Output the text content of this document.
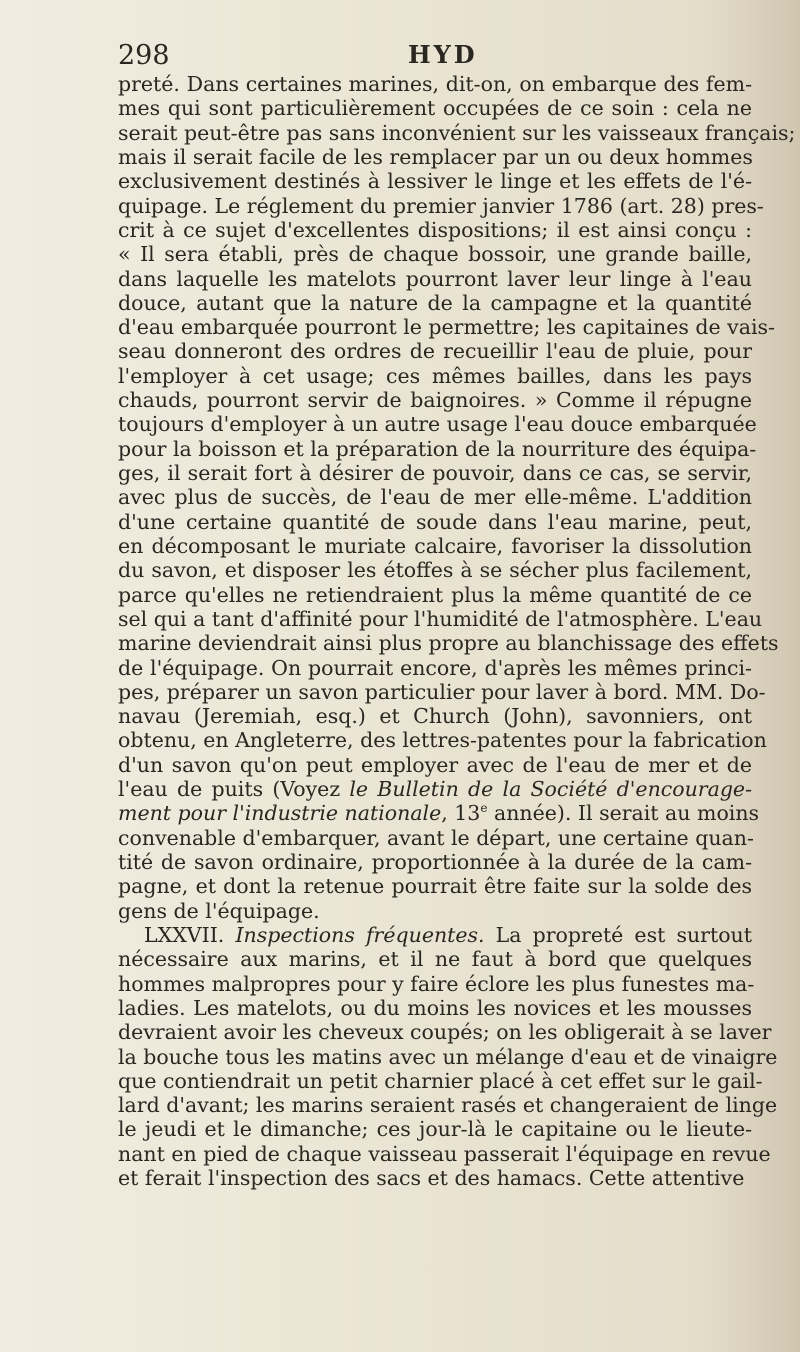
298	HYD
preté. Dans certaines marines, dit-on, on embarque des fem-
mes qui sont particulièrement occupées de ce soin : cela ne
serait peut-être pas sans inconvénient sur les vaisseaux français;
mais il serait facile de les remplacer par un ou deux hommes
exclusivement destinés à lessiver le linge et les effets de l'é-
quipage. Le réglement du premier janvier 1786 (art. 28) pres-
crit à ce sujet d'excellentes dispositions; il est ainsi conçu :
« Il sera établi, près de chaque bossoir, une grande baille,
dans laquelle les matelots pourront laver leur linge à l'eau
douce, autant que la nature de la campagne et la quantité
d'eau embarquée pourront le permettre; les capitaines de vais-
seau donneront des ordres de recueillir l'eau de pluie, pour
l'employer à cet usage; ces mêmes bailles, dans les pays
chauds, pourront servir de baignoires. » Comme il répugne
toujours d'employer à un autre usage l'eau douce embarquée
pour la boisson et la préparation de la nourriture des équipa-
ges, il serait fort à désirer de pouvoir, dans ce cas, se servir,
avec plus de succès, de l'eau de mer elle-même. L'addition
d'une certaine quantité de soude dans l'eau marine, peut,
en décomposant le muriate calcaire, favoriser la dissolution
du savon, et disposer les étoffes à se sécher plus facilement,
parce qu'elles ne retiendraient plus la même quantité de ce
sel qui a tant d'affinité pour l'humidité de l'atmosphère. L'eau
marine deviendrait ainsi plus propre au blanchissage des effets
de l'équipage. On pourrait encore, d'après les mêmes princi-
pes, préparer un savon particulier pour laver à bord. MM. Do-
navau (Jeremiah, esq.) et Church (John), savonniers, ont
obtenu, en Angleterre, des lettres-patentes pour la fabrication
d'un savon qu'on peut employer avec de l'eau de mer et de
l'eau de puits (Voyez le Bulletin de la Société d'encourage-
ment pour l'industrie nationale, 13e année). Il serait au moins
convenable d'embarquer, avant le départ, une certaine quan-
tité de savon ordinaire, proportionnée à la durée de la cam-
pagne, et dont la retenue pourrait être faite sur la solde des
gens de l'équipage.
LXXVII. Inspections fréquentes. La propreté est surtout
nécessaire aux marins, et il ne faut à bord que quelques
hommes malpropres pour y faire éclore les plus funestes ma-
ladies. Les matelots, ou du moins les novices et les mousses
devraient avoir les cheveux coupés; on les obligerait à se laver
la bouche tous les matins avec un mélange d'eau et de vinaigre
que contiendrait un petit charnier placé à cet effet sur le gail-
lard d'avant; les marins seraient rasés et changeraient de linge
le jeudi et le dimanche; ces jour-là le capitaine ou le lieute-
nant en pied de chaque vaisseau passerait l'équipage en revue
et ferait l'inspection des sacs et des hamacs. Cette attentive
